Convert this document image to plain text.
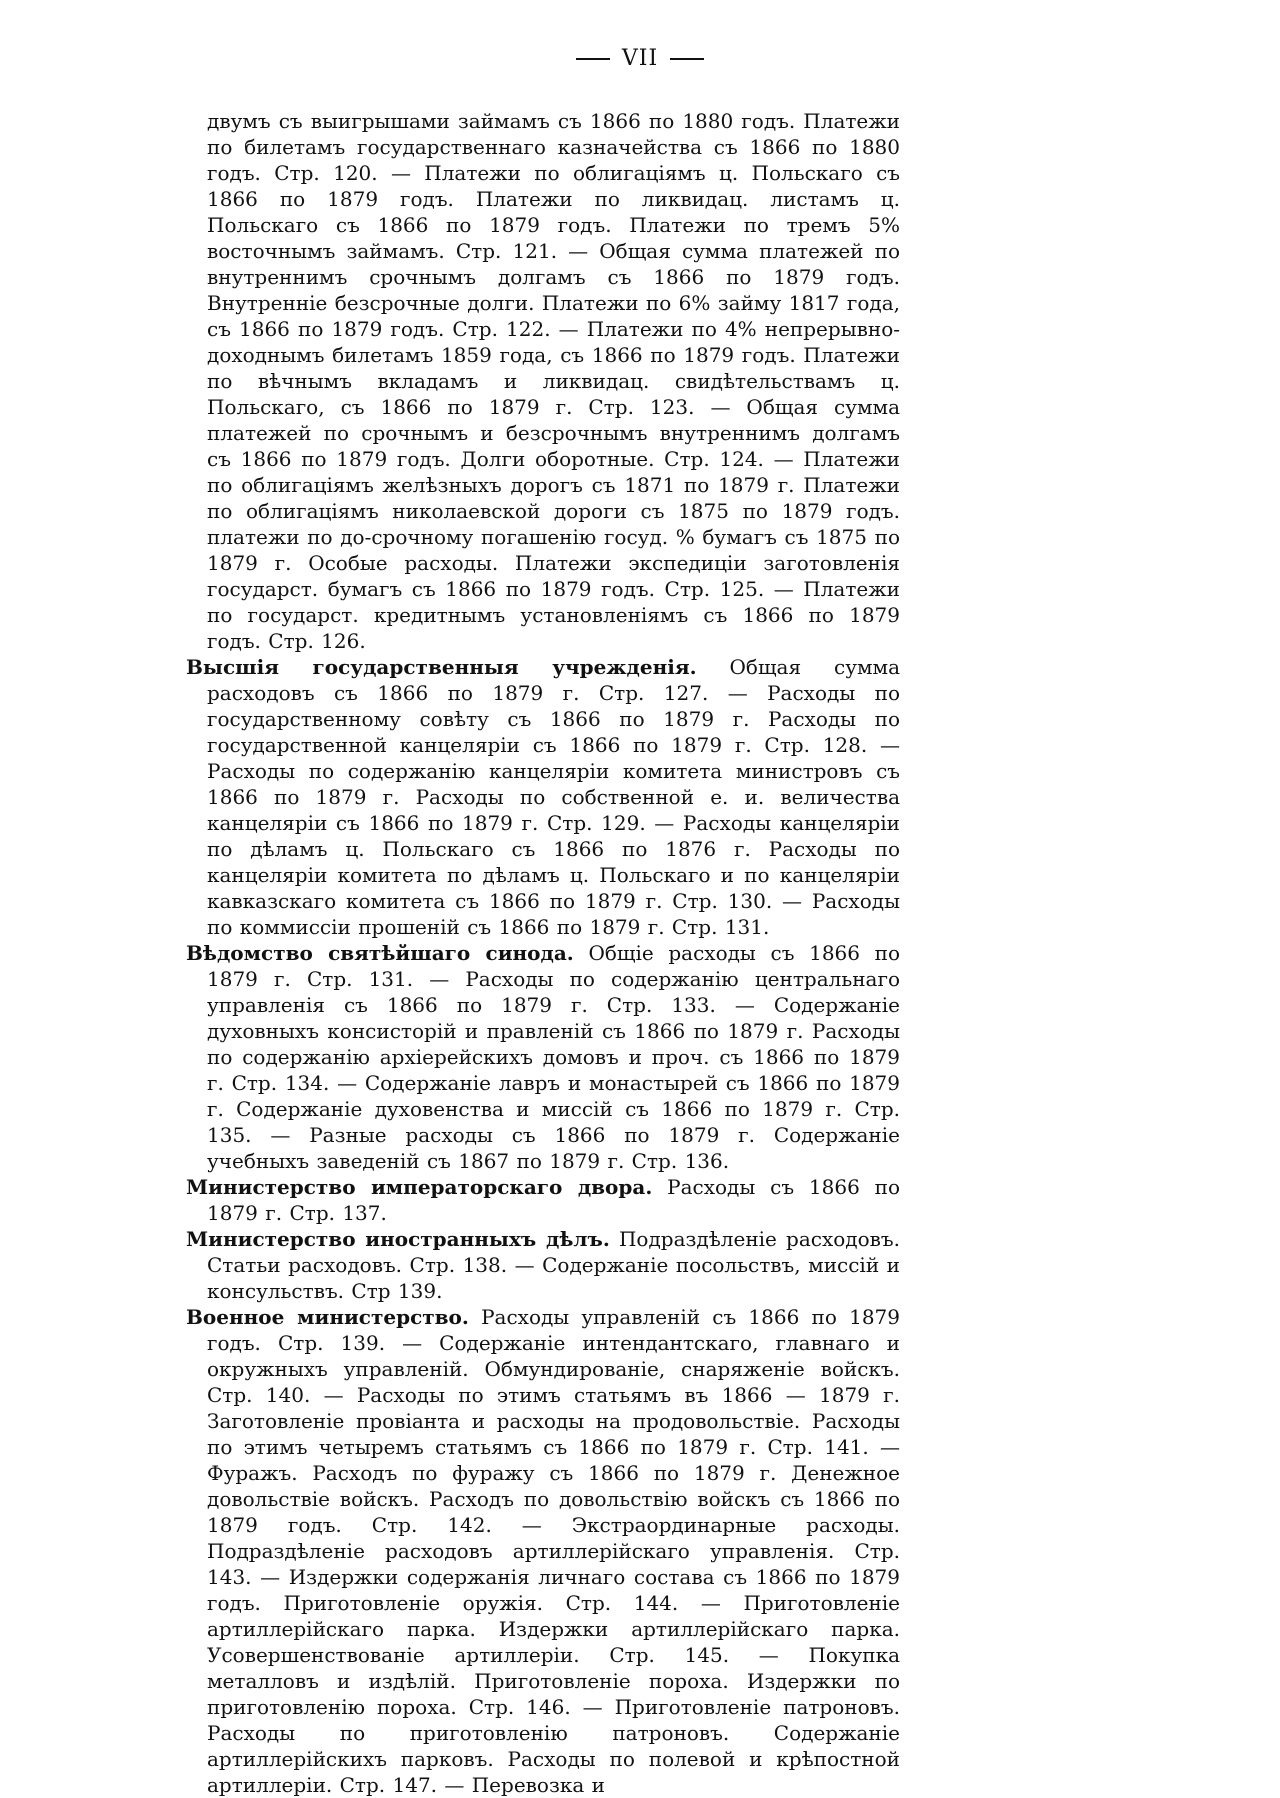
VII

двумъ съ выигрышами займамъ съ 1866 по 1880 годъ. Платежи по билетамъ государственнаго казначейства съ 1866 по 1880 годъ. Стр. 120. — Платежи по облигаціямъ ц. Польскаго съ 1866 по 1879 годъ. Платежи по ликвидац. листамъ ц. Польскаго съ 1866 по 1879 годъ. Платежи по тремъ 5% восточнымъ займамъ. Стр. 121. — Общая сумма платежей по внутреннимъ срочнымъ долгамъ съ 1866 по 1879 годъ. Внутренніе безсрочные долги. Платежи по 6% займу 1817 года, съ 1866 по 1879 годъ. Стр. 122. — Платежи по 4% непрерывно-доходнымъ билетамъ 1859 года, съ 1866 по 1879 годъ. Платежи по вѣчнымъ вкладамъ и ликвидац. свидѣтельствамъ ц. Польскаго, съ 1866 по 1879 г. Стр. 123. — Общая сумма платежей по срочнымъ и безсрочнымъ внутреннимъ долгамъ съ 1866 по 1879 годъ. Долги оборотные. Стр. 124. — Платежи по облигаціямъ желѣзныхъ дорогъ съ 1871 по 1879 г. Платежи по облигаціямъ николаевской дороги съ 1875 по 1879 годъ. платежи по до-срочному погашенію госуд. % бумагъ съ 1875 по 1879 г. Особые расходы. Платежи экспедиціи заготовленія государст. бумагъ съ 1866 по 1879 годъ. Стр. 125. — Платежи по государст. кредитнымъ установленіямъ съ 1866 по 1879 годъ. Стр. 126.

Высшія государственныя учрежденія. Общая сумма расходовъ съ 1866 по 1879 г. Стр. 127. — Расходы по государственному совѣту съ 1866 по 1879 г. Расходы по государственной канцеляріи съ 1866 по 1879 г. Стр. 128. — Расходы по содержанію канцеляріи комитета министровъ съ 1866 по 1879 г. Расходы по собственной е. и. величества канцеляріи съ 1866 по 1879 г. Стр. 129. — Расходы канцеляріи по дѣламъ ц. Польскаго съ 1866 по 1876 г. Расходы по канцеляріи комитета по дѣламъ ц. Польскаго и по канцеляріи кавказскаго комитета съ 1866 по 1879 г. Стр. 130. — Расходы по коммиссіи прошеній съ 1866 по 1879 г. Стр. 131.

Вѣдомство святѣйшаго синода. Общіе расходы съ 1866 по 1879 г. Стр. 131. — Расходы по содержанію центральнаго управленія съ 1866 по 1879 г. Стр. 133. — Содержаніе духовныхъ консисторій и правленій съ 1866 по 1879 г. Расходы по содержанію архіерейскихъ домовъ и проч. съ 1866 по 1879 г. Стр. 134. — Содержаніе лавръ и монастырей съ 1866 по 1879 г. Содержаніе духовенства и миссій съ 1866 по 1879 г. Стр. 135. — Разные расходы съ 1866 по 1879 г. Содержаніе учебныхъ заведеній съ 1867 по 1879 г. Стр. 136.

Министерство императорскаго двора. Расходы съ 1866 по 1879 г. Стр. 137.

Министерство иностранныхъ дѣлъ. Подраздѣленіе расходовъ. Статьи расходовъ. Стр. 138. — Содержаніе посольствъ, миссій и консульствъ. Стр 139.

Военное министерство. Расходы управленій съ 1866 по 1879 годъ. Стр. 139. — Содержаніе интендантскаго, главнаго и окружныхъ управленій. Обмундированіе, снаряженіе войскъ. Стр. 140. — Расходы по этимъ статьямъ въ 1866 — 1879 г. Заготовленіе провіанта и расходы на продовольствіе. Расходы по этимъ четыремъ статьямъ съ 1866 по 1879 г. Стр. 141. — Фуражъ. Расходъ по фуражу съ 1866 по 1879 г. Денежное довольствіе войскъ. Расходъ по довольствію войскъ съ 1866 по 1879 годъ. Стр. 142. — Экстраординарные расходы. Подраздѣленіе расходовъ артиллерійскаго управленія. Стр. 143. — Издержки содержанія личнаго состава съ 1866 по 1879 годъ. Приготовленіе оружія. Стр. 144. — Приготовленіе артиллерійскаго парка. Издержки артиллерійскаго парка. Усовершенствованіе артиллеріи. Стр. 145. — Покупка металловъ и издѣлій. Приготовленіе пороха. Издержки по приготовленію пороха. Стр. 146. — Приготовленіе патроновъ. Расходы по приготовленію патроновъ. Содержаніе артиллерійскихъ парковъ. Расходы по полевой и крѣпостной артиллеріи. Стр. 147. — Перевозка и
